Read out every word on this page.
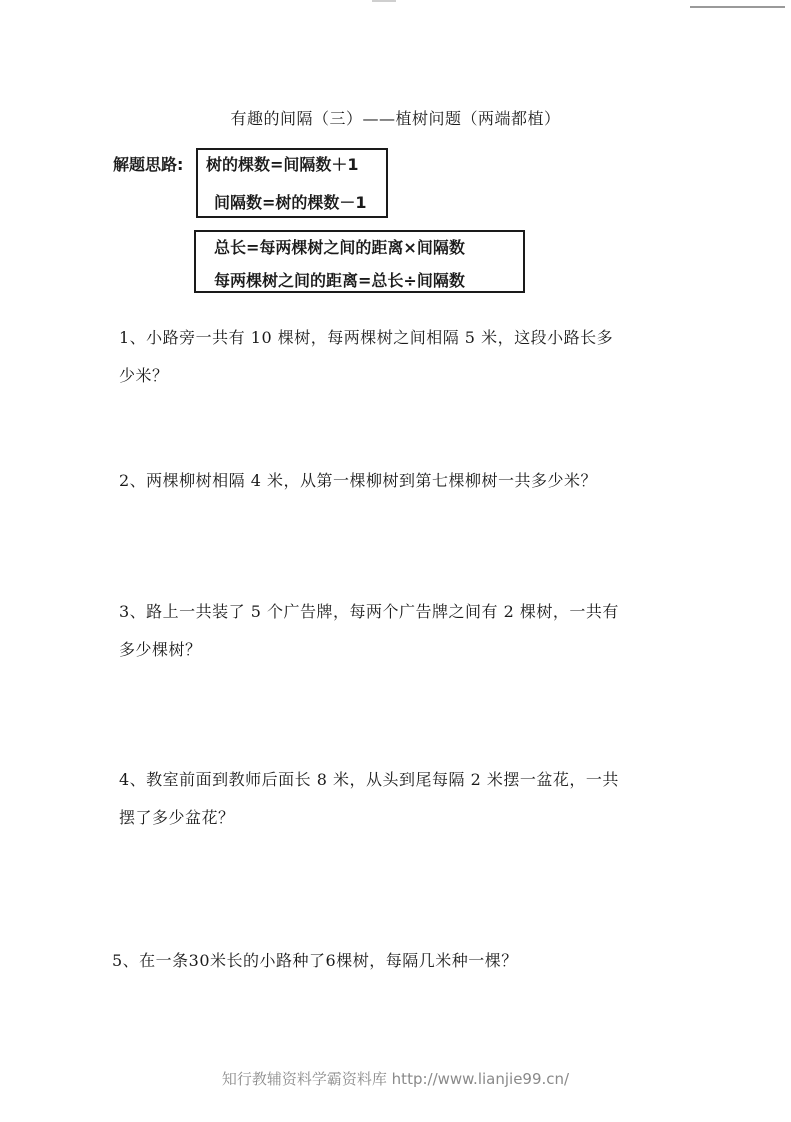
有趣的间隔（三）——植树问题（两端都植）
解题思路: 树的棵数=间隔数＋1
间隔数=树的棵数－1
总长=每两棵树之间的距离×间隔数
每两棵树之间的距离=总长÷间隔数
1、小路旁一共有 10 棵树，每两棵树之间相隔 5 米，这段小路长多
少米？
2、两棵柳树相隔 4 米，从第一棵柳树到第七棵柳树一共多少米？
3、路上一共装了 5 个广告牌，每两个广告牌之间有 2 棵树，一共有
多少棵树？
4、教室前面到教师后面长 8 米，从头到尾每隔 2 米摆一盆花，一共
摆了多少盆花？
5、在一条30米长的小路种了6棵树，每隔几米种一棵？
知行教辅资料学霸资料库 http://www.lianjie99.cn/
